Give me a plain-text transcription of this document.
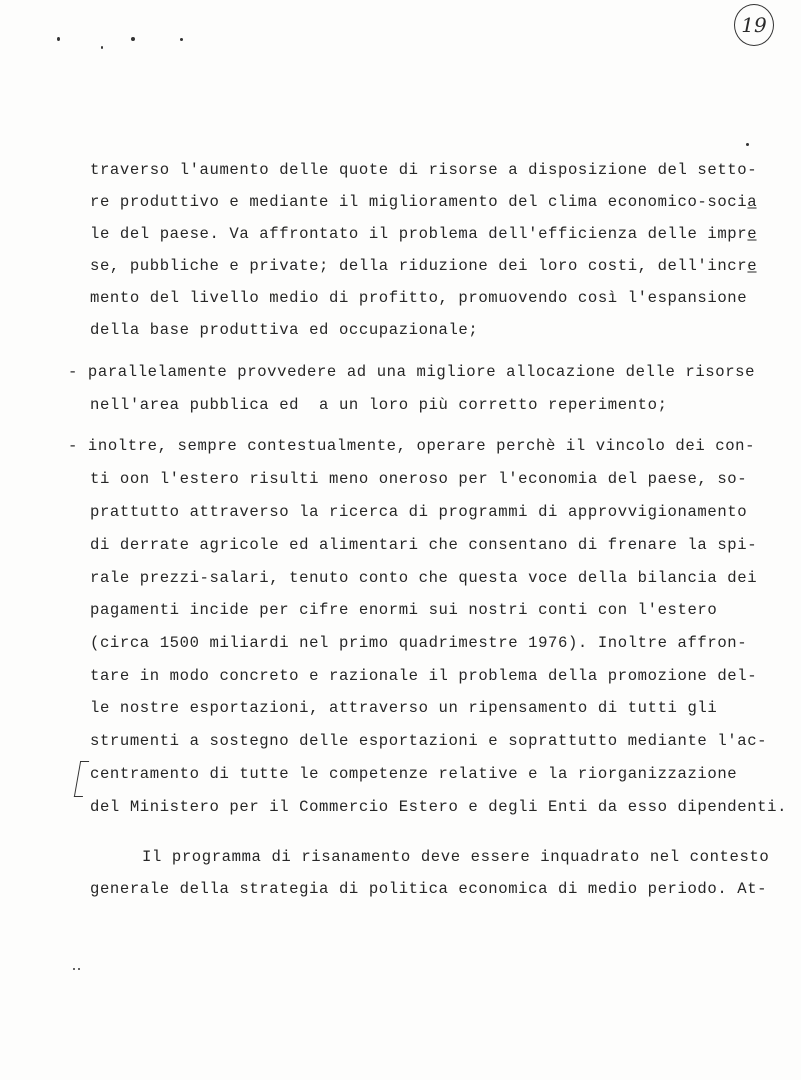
19
traverso l'aumento delle quote di risorse a disposizione del setto-
re produttivo e mediante il miglioramento del clima economico-socia̲
le del paese. Va affrontato il problema dell'efficienza delle impre̲
se, pubbliche e private; della riduzione dei loro costi, dell'incre̲
mento del livello medio di profitto, promuovendo così l'espansione
della base produttiva ed occupazionale;
- parallelamente provvedere ad una migliore allocazione delle risorse
nell'area pubblica ed  a un loro più corretto reperimento;
- inoltre, sempre contestualmente, operare perchè il vincolo dei con-
ti oon l'estero risulti meno oneroso per l'economia del paese, so-
prattutto attraverso la ricerca di programmi di approvvigionamento
di derrate agricole ed alimentari che consentano di frenare la spi-
rale prezzi-salari, tenuto conto che questa voce della bilancia dei
pagamenti incide per cifre enormi sui nostri conti con l'estero
(circa 1500 miliardi nel primo quadrimestre 1976). Inoltre affron-
tare in modo concreto e razionale il problema della promozione del-
le nostre esportazioni, attraverso un ripensamento di tutti gli
strumenti a sostegno delle esportazioni e soprattutto mediante l'ac-
centramento di tutte le competenze relative e la riorganizzazione
del Ministero per il Commercio Estero e degli Enti da esso dipendenti.
Il programma di risanamento deve essere inquadrato nel contesto
generale della strategia di politica economica di medio periodo. At-
